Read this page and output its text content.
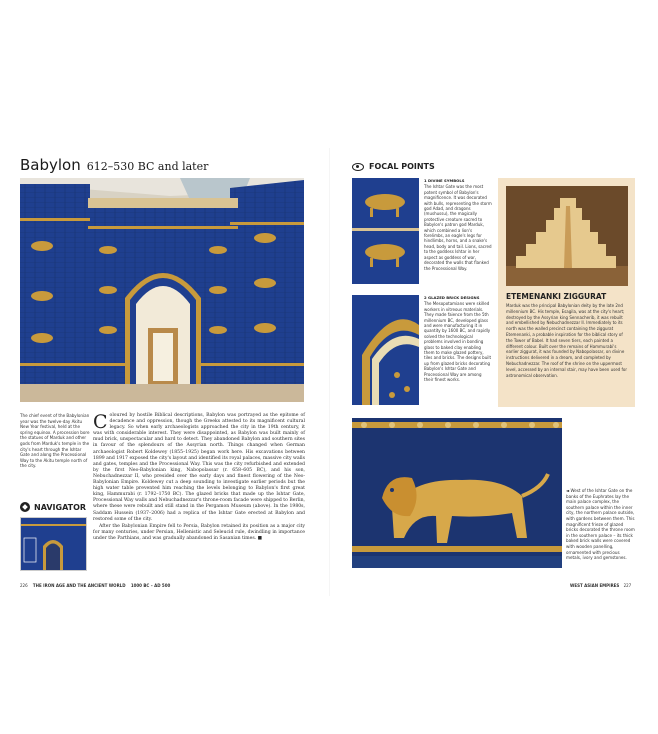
Babylon 612–530 BC and later
The chief event of the Babylonian year was the twelve-day Akitu New Year festival, held at the spring equinox. A procession bore the statues of Marduk and other gods from Marduk's temple in the city's heart through the Ishtar Gate and along the Processional Way to the Akitu temple north of the city.
NAVIGATOR

Coloured by hostile Biblical descriptions, Babylon was portrayed as the epitome of decadence and oppression, though the Greeks attested to its magnificent cultural legacy. So when early archaeologists approached the city in the 19th century, it was with considerable interest. They were disappointed, as Babylon was built mainly of mud brick, unspectacular and hard to detect. They abandoned Babylon and southern sites in favour of the splendours of the Assyrian north. Things changed when German archaeologist Robert Koldewey (1855–1925) began work here. His excavations between 1899 and 1917 exposed the city's layout and identified its royal palaces, massive city walls and gates, temples and the Processional Way. This was the city refurbished and extended by the first Neo-Babylonian king, Nabopolassar (r. 658–605 BC), and his son, Nebuchadnezzar II, who presided over the early days and finest flowering of the Neo-Babylonian Empire. Koldewey cut a deep sounding to investigate earlier periods but the high water table prevented him reaching the levels belonging to Babylon's first great king, Hammurabi (r. 1792–1750 BC). The glazed bricks that made up the Ishtar Gate, Processional Way walls and Nebuchadnezzar's throne-room facade were shipped to Berlin, where these were rebuilt and still stand in the Pergamon Museum (above). In the 1980s, Saddam Hussein (1937–2006) had a replica of the Ishtar Gate erected at Babylon and restored some of the city.

After the Babylonian Empire fell to Persia, Babylon retained its position as a major city for many centuries, under Persian, Hellenistic and Seleucid rule, dwindling in importance under the Parthians, and was gradually abandoned in Sasanian times. ■

226 THE IRON AGE AND THE ANCIENT WORLD 1000 BC – AD 500
FOCAL POINTS
1 DIVINE SYMBOLS
The Ishtar Gate was the most potent symbol of Babylon's magnificence. It was decorated with bulls, representing the storm god Adad, and dragons (mushussu), the magically protective creature sacred to Babylon's patron god Marduk, which combined a lion's forelimbs, an eagle's legs for hindlimbs, horns, and a snake's head, body and tail. Lions, sacred to the goddess Ishtar in her aspect as goddess of war, decorated the walls that flanked the Processional Way.
2 GLAZED BRICK DESIGNS
The Mesopotamians were skilled workers in vitreous materials. They made faience from the 5th millennium BC, developed glass and were manufacturing it in quantity by 1600 BC, and rapidly solved the technological problems involved in bonding glass to baked clay enabling them to make glazed pottery, tiles and bricks. The designs built up from glazed bricks decorating Babylon's Ishtar Gate and Processional Way are among their finest works.
ETEMENANKI ZIGGURAT
Marduk was the principal Babylonian deity by the late 2nd millennium BC. His temple, Esagila, was at the city's heart; destroyed by the Assyrian king Sennacherib, it was rebuilt and embellished by Nebuchadnezzar II. Immediately to its north was the walled precinct containing the ziggurat Etemenanki, a probable inspiration for the biblical story of the Tower of Babel. It had seven tiers, each painted a different colour. Built over the remains of Hammurabi's earlier ziggurat, it was founded by Nabopolassar, on divine instructions delivered in a dream, and completed by Nebuchadnezzar. The roof of the shrine on the uppermost level, accessed by an internal stair, may have been used for astronomical observation.
◄ West of the Ishtar Gate on the banks of the Euphrates lay the main palace complex, the southern palace within the inner city, the northern palace outside, with gardens between them. This magnificent frieze of glazed bricks decorated the throne room in the southern palace – its thick baked brick walls were covered with wooden panelling, ornamented with precious metals, ivory and gemstones.
WEST ASIAN EMPIRES 227
